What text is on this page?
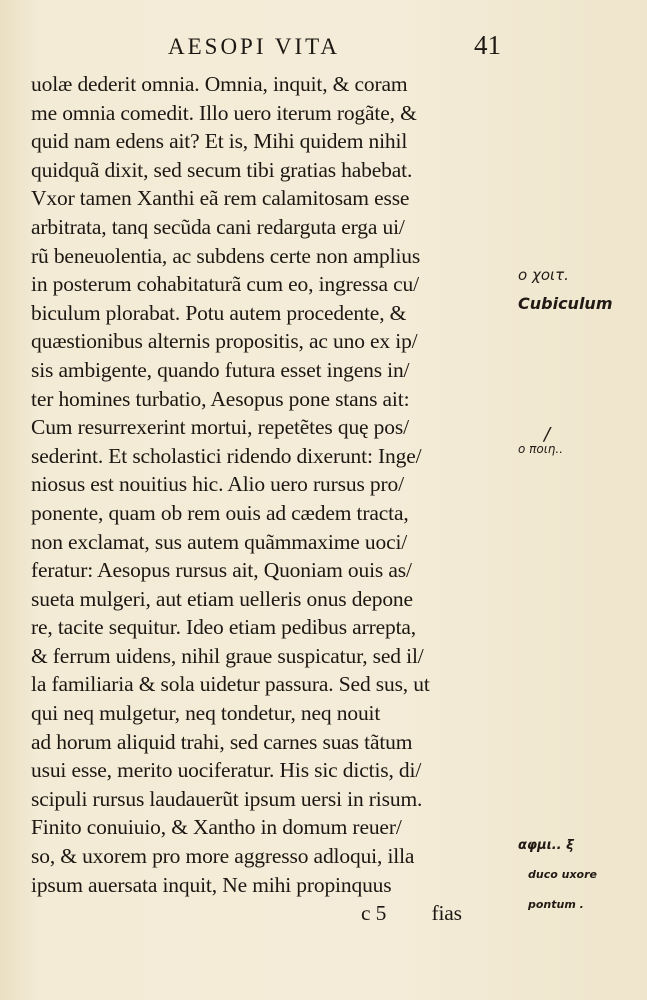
AESOPI VITA	41
uolæ dederit omnia. Omnia, inquit, & coram
me omnia comedit. Illo uero iterum rogãte, &
quid nam edens ait? Et is, Mihi quidem nihil
quidquã dixit, sed secum tibi gratias habebat.
Vxor tamen Xanthi eã rem calamitosam esse
arbitrata, tanq secũda cani redarguta erga ui/
rũ beneuolentia, ac subdens certe non amplius
in posterum cohabitaturã cum eo, ingressa cu/
biculum plorabat. Potu autem procedente, &
quæstionibus alternis propositis, ac uno ex ip/
sis ambigente, quando futura esset ingens in/
ter homines turbatio, Aesopus pone stans ait:
Cum resurrexerint mortui, repetẽtes quę pos/
sederint. Et scholastici ridendo dixerunt: Inge/
niosus est nouitius hic. Alio uero rursus pro/
ponente, quam ob rem ouis ad cædem tracta,
non exclamat, sus autem quãmmaxime uoci/
feratur: Aesopus rursus ait, Quoniam ouis as/
sueta mulgeri, aut etiam uelleris onus depone
re, tacite sequitur. Ideo etiam pedibus arrepta,
& ferrum uidens, nihil graue suspicatur, sed il/
la familiaria & sola uidetur passura. Sed sus, ut
qui neq mulgetur, neq tondetur, neq nouit
ad horum aliquid trahi, sed carnes suas tãtum
usui esse, merito uociferatur. His sic dictis, di/
scipuli rursus laudauerũt ipsum uersi in risum.
Finito conuiuio, & Xantho in domum reuer/
so, & uxorem pro more aggresso adloqui, illa
ipsum auersata inquit, Ne mihi propinquus
c 5 fias
ο χοιτ.
Cubiculum
/
ο ποιη..
αφμι.. ξ
duco uxore
pontum .
